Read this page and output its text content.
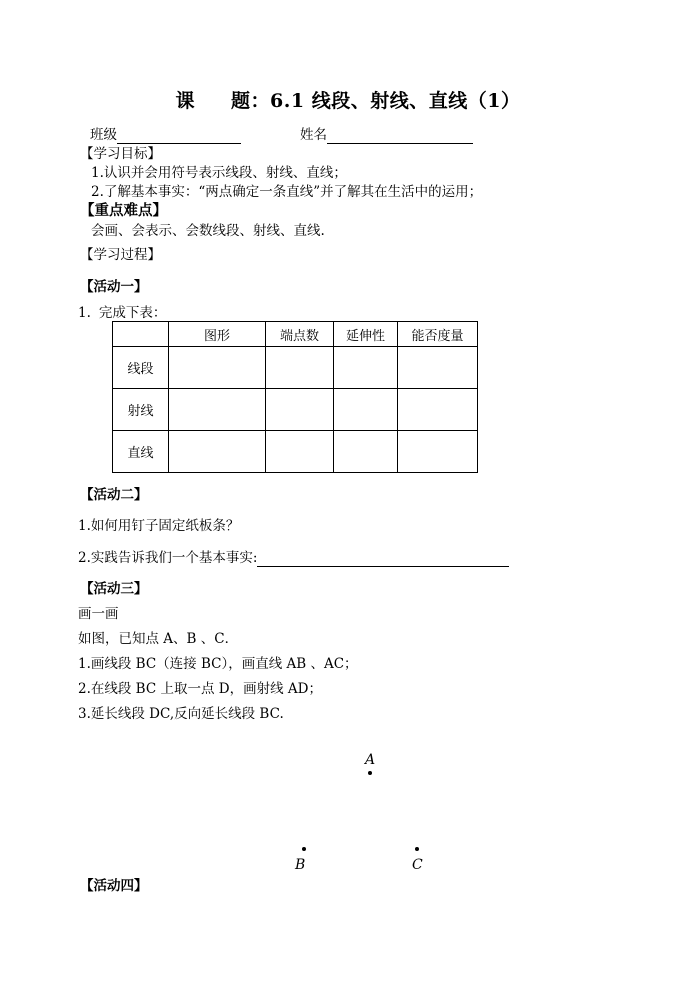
课 题：6.1 线段、射线、直线（1）
班级	姓名
【学习目标】
1.认识并会用符号表示线段、射线、直线；
2.了解基本事实：“两点确定一条直线”并了解其在生活中的运用；
【重点难点】
会画、会表示、会数线段、射线、直线.
【学习过程】
【活动一】
1. 完成下表：
	图形	端点数	延伸性	能否度量
线段				
射线				
直线				
【活动二】
1.如何用钉子固定纸板条？
2.实践告诉我们一个基本事实:
【活动三】
画一画
如图，已知点 A、B 、C．
1.画线段 BC（连接 BC），画直线 AB 、AC；
2.在线段 BC 上取一点 D，画射线 AD；
3.延长线段 DC,反向延长线段 BC.
A
B	C
【活动四】
